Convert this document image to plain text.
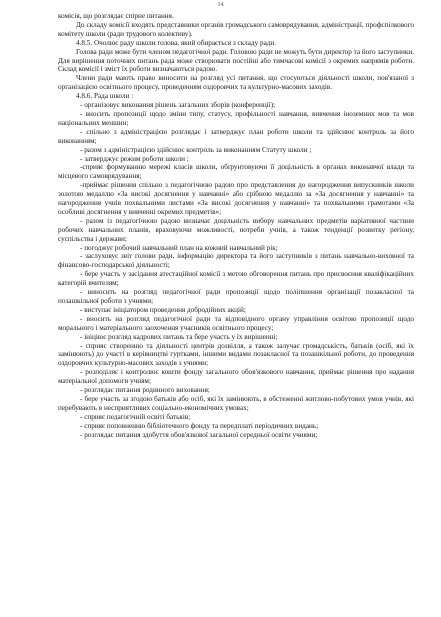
14

комісія, що розглядає спірне питання.

До складу комісії входять представники органів громадського самоврядування, адміністрації, профспілкового комітету школи (ради трудового колективу).

4.8.5. Очолює раду школи голова, який обирається з складу ради.

Голова ради може бути членом педагогічної ради. Головою ради не можуть бути директор та його заступники. Для вирішення поточних питань рада може створювати постійні або тимчасові комісії з окремих напрямів роботи. Склад комісії і зміст їх роботи визначаються радою.

Члени ради мають право виносити на розгляд усі питання, що стосуються діяльності школи, пов'язаної з організацією освітнього процесу, проведенням оздоровчих та культурно-масових заходів.

4.8.6. Рада школи :

- організовує виконання рішень загальних зборів (конференції);

- вносить пропозиції щодо зміни типу, статусу, профільності навчання, вивчення іноземних мов та мов національних меншин;

- спільно з адміністрацією розглядає і затверджує план роботи школи та здійснює контроль за його виконанням;

- разом з адміністрацією здійснює контроль за виконанням Статуту школи ;

- затверджує режим роботи школи ;

-сприяє формуванню мережі класів школи, обґрунтовуючи її доцільність в органах виконавчої влади та місцевого самоврядування;

-приймає рішення спільно з педагогічною радою про представлення до нагородження випускників школи золотою медаллю «За високі досягнення у навчанні» або срібною медаллю за «За досягнення у навчанні» та нагородження учнів похвальними листами «За високі досягнення у навчанні» та похвальними грамотами «За особливі досягнення у вивченні окремих предметів»;

- разом із педагогічною радою визначає доцільність вибору навчальних предметів варіативної частини робочих навчальних планів, враховуючи можливості, потреби учнів, а також тенденції розвитку регіону, суспільства і держави;

- погоджує робочий навчальний план на кожний навчальний рік;

- заслуховує звіт голови ради, інформацію директора та його заступників з питань навчально-виховної та фінансово-господарської діяльності;

- бере участь у засідання атестаційної комісії з метою обговорення питань про присвоєння кваліфікаційних категорій вчителям;

- виносить на розгляд педагогічної ради пропозиції щодо поліпшення організації позакласної та позашкільної роботи з учнями;

- виступає ініціатором проведення добродійних акцій;

- вносить на розгляд педагогічної ради та відповідного органу управління освітою пропозиції щодо морального і матеріального заохочення учасників освітнього процесу;

- ініціює розгляд кадрових питань та бере участь у їх вирішенні;

- сприяє створенню та діяльності центрів дозвілля, а також залучає громадськість, батьків (осіб, які їх замінюють) до участі в керівництві гуртками, іншими видами позакласної та позашкільної роботи, до проведення оздоровчих культурно-масових заходів з учнями;

- розподіляє і контролює кошти фонду загального обов'язкового навчання, приймає рішення про надання матеріальної допомоги учням;

- розглядає питання родинного виховання;

- бере участь за згодою батьків або осіб, які їх замінюють, в обстеженні житлово-побутових умов учнів, які перебувають в несприятливих соціально-економічних умовах;

- сприяє педагогічній освіті батьків;

- сприяє поповненню бібліотечного фонду та передплаті періодичних видань;

- розглядає питання здобуття обов'язкової загальної середньої освіти учнями;
